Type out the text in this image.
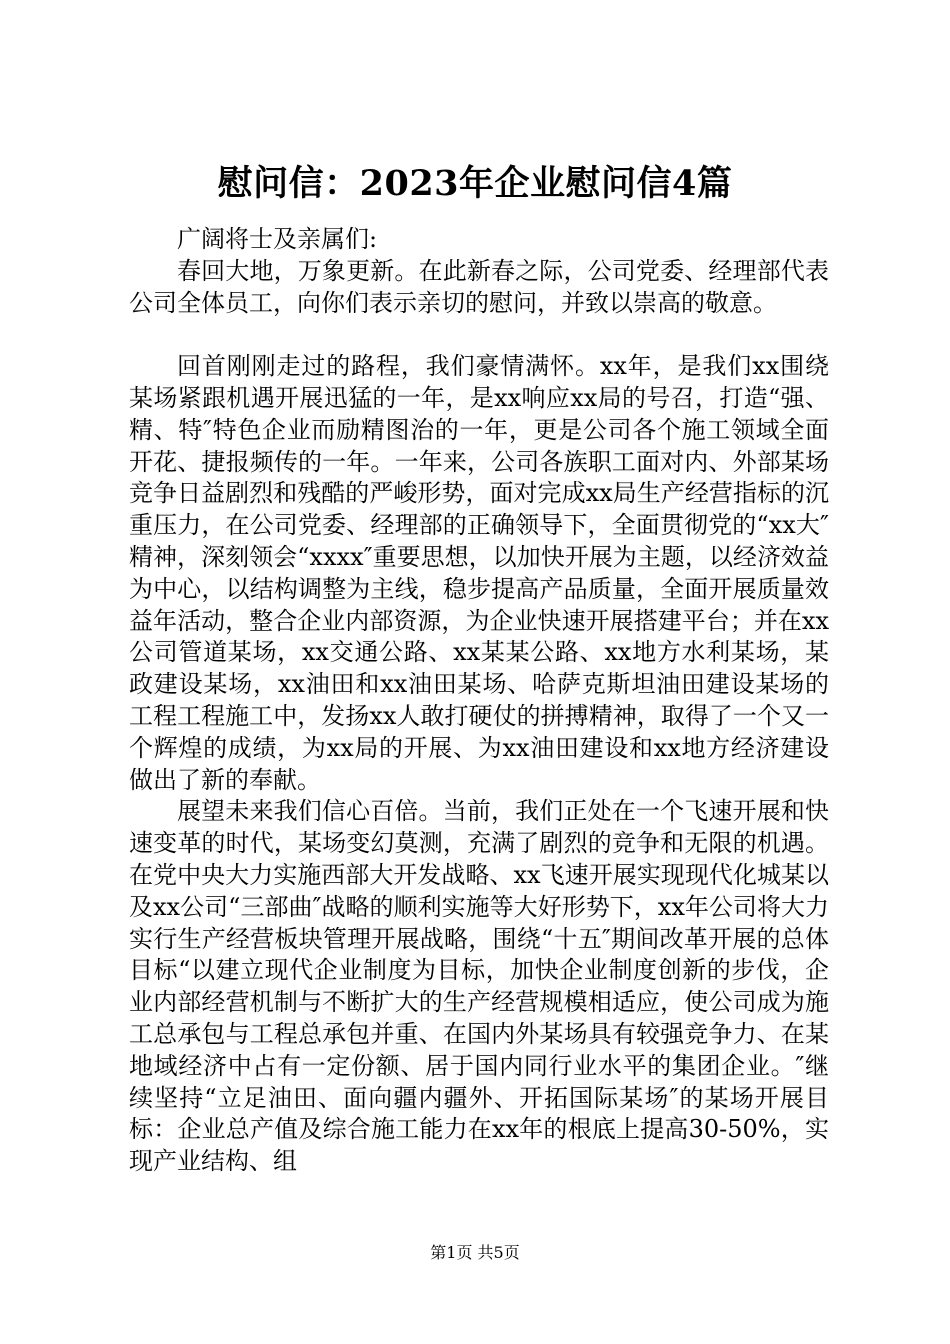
慰问信：2023年企业慰问信4篇

广阔将士及亲属们:

春回大地，万象更新。在此新春之际，公司党委、经理部代表公司全体员工，向你们表示亲切的慰问，并致以崇高的敬意。

回首刚刚走过的路程，我们豪情满怀。xx年，是我们xx围绕某场紧跟机遇开展迅猛的一年，是xx响应xx局的号召，打造“强、精、特″特色企业而励精图治的一年，更是公司各个施工领域全面开花、捷报频传的一年。一年来，公司各族职工面对内、外部某场竞争日益剧烈和残酷的严峻形势，面对完成xx局生产经营指标的沉重压力，在公司党委、经理部的正确领导下，全面贯彻党的“xx大″精神，深刻领会“xxxx″重要思想，以加快开展为主题，以经济效益为中心，以结构调整为主线，稳步提高产品质量，全面开展质量效益年活动，整合企业内部资源，为企业快速开展搭建平台；并在xx公司管道某场，xx交通公路、xx某某公路、xx地方水利某场，某政建设某场，xx油田和xx油田某场、哈萨克斯坦油田建设某场的工程工程施工中，发扬xx人敢打硬仗的拼搏精神，取得了一个又一个辉煌的成绩，为xx局的开展、为xx油田建设和xx地方经济建设做出了新的奉献。

展望未来我们信心百倍。当前，我们正处在一个飞速开展和快速变革的时代，某场变幻莫测，充满了剧烈的竞争和无限的机遇。在党中央大力实施西部大开发战略、xx飞速开展实现现代化城某以及xx公司“三部曲″战略的顺利实施等大好形势下，xx年公司将大力实行生产经营板块管理开展战略，围绕“十五″期间改革开展的总体目标“以建立现代企业制度为目标，加快企业制度创新的步伐，企业内部经营机制与不断扩大的生产经营规模相适应，使公司成为施工总承包与工程总承包并重、在国内外某场具有较强竞争力、在某地域经济中占有一定份额、居于国内同行业水平的集团企业。″继续坚持“立足油田、面向疆内疆外、开拓国际某场″的某场开展目标：企业总产值及综合施工能力在xx年的根底上提高30-50%，实现产业结构、组

第1页 共5页
